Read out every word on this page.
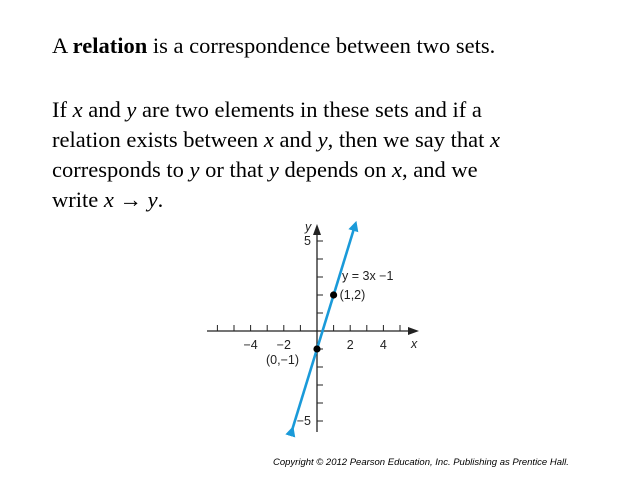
A relation is a correspondence between two sets.
If x and y are two elements in these sets and if a
relation exists between x and y, then we say that x
corresponds to y or that y depends on x, and we
write x → y.
(1,2)
(0,−1)
y = 3x −1
x
y
−4 −2	2 4
5
−5
Copyright © 2012 Pearson Education, Inc. Publishing as Prentice Hall.
